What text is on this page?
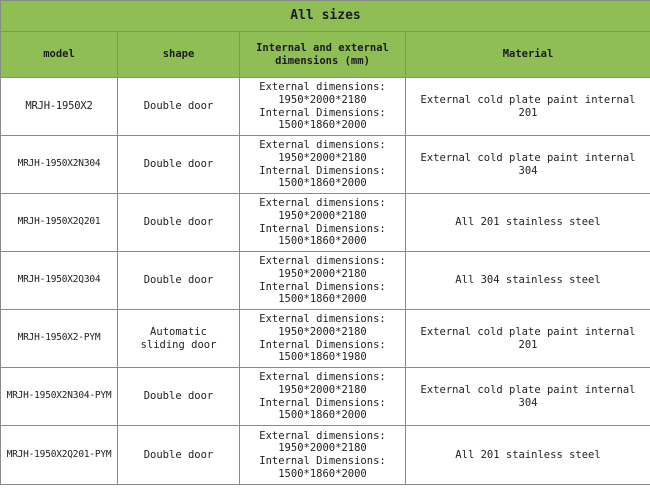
All sizes			
model	shape	Internal and external
dimensions (mm)	Material
MRJH-1950X2	Double door	External dimensions:
1950*2000*2180
Internal Dimensions:
1500*1860*2000	External cold plate paint internal 201
MRJH-1950X2N304	Double door	External dimensions:
1950*2000*2180
Internal Dimensions:
1500*1860*2000	External cold plate paint internal 304
MRJH-1950X2Q201	Double door	External dimensions:
1950*2000*2180
Internal Dimensions:
1500*1860*2000	All 201 stainless steel
MRJH-1950X2Q304	Double door	External dimensions:
1950*2000*2180
Internal Dimensions:
1500*1860*2000	All 304 stainless steel
MRJH-1950X2-PYM	Automatic
sliding door	External dimensions:
1950*2000*2180
Internal Dimensions:
1500*1860*1980	External cold plate paint internal 201
MRJH-1950X2N304-PYM	Double door	External dimensions:
1950*2000*2180
Internal Dimensions:
1500*1860*2000	External cold plate paint internal 304
MRJH-1950X2Q201-PYM	Double door	External dimensions:
1950*2000*2180
Internal Dimensions:
1500*1860*2000	All 201 stainless steel
